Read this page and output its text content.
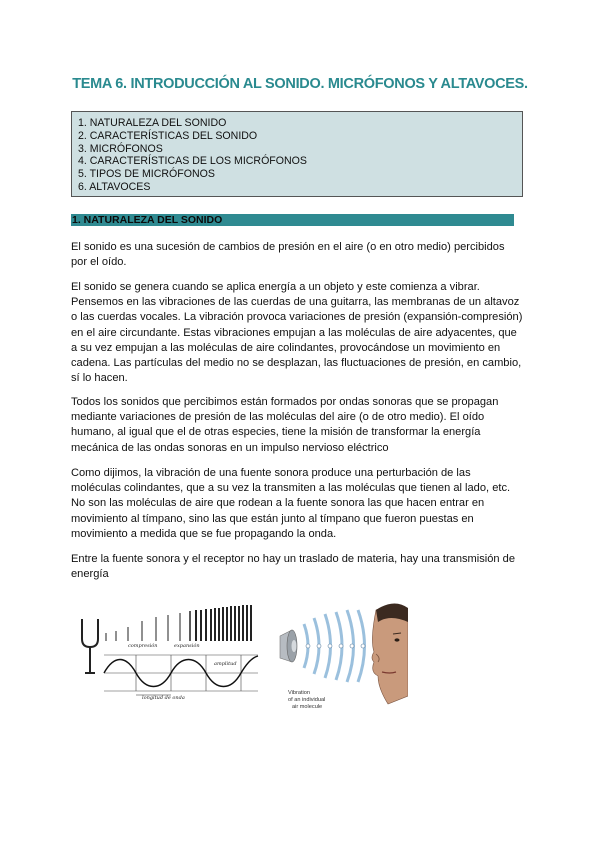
TEMA 6. INTRODUCCIÓN AL SONIDO. MICRÓFONOS Y ALTAVOCES.
1. NATURALEZA DEL SONIDO
2. CARACTERÍSTICAS DEL SONIDO
3. MICRÓFONOS
4. CARACTERÍSTICAS DE LOS MICRÓFONOS
5. TIPOS DE MICRÓFONOS
6. ALTAVOCES
1. NATURALEZA DEL SONIDO

El sonido es una sucesión de cambios de presión en el aire (o en otro medio) percibidos por el oído.

El sonido se genera cuando se aplica energía a un objeto y este comienza a vibrar. Pensemos en las vibraciones de las cuerdas de una guitarra, las membranas de un altavoz o las cuerdas vocales. La vibración provoca variaciones de presión (expansión-compresión) en el aire circundante. Estas vibraciones empujan a las moléculas de aire adyacentes, que a su vez empujan a las moléculas de aire colindantes, provocándose un movimiento en cadena. Las partículas del medio no se desplazan, las fluctuaciones de presión, en cambio, sí lo hacen.

Todos los sonidos que percibimos están formados por ondas sonoras que se propagan mediante variaciones de presión de las moléculas del aire (o de otro medio). El oído humano, al igual que el de otras especies, tiene la misión de transformar la energía mecánica de las ondas sonoras en un impulso nervioso eléctrico

Como dijimos, la vibración de una fuente sonora produce una perturbación de las moléculas colindantes, que a su vez la transmiten a las moléculas que tienen al lado, etc. No son las moléculas de aire que rodean a la fuente sonora las que hacen entrar en movimiento al tímpano, sino las que están junto al tímpano que fueron puestas en movimiento a medida que se fue propagando la onda.

Entre la fuente sonora y el receptor no hay un traslado de materia, hay una transmisión de energía

compresión	expansión
amplitud
longitud de onda
Vibration
of an individual
air molecule
